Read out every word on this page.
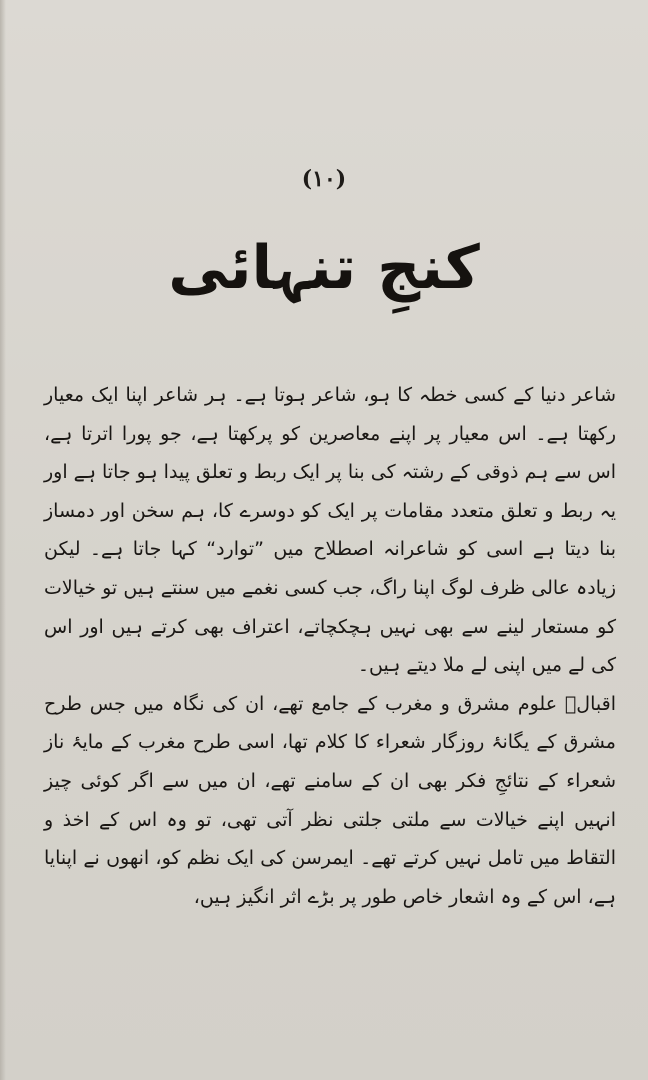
(۱۰)
کنجِ تنہائی

شاعر دنیا کے کسی خطہ کا ہو، شاعر ہوتا ہے۔ ہر شاعر اپنا ایک معیار رکھتا ہے۔ اس معیار پر اپنے معاصرین کو پرکھتا ہے، جو پورا اترتا ہے، اس سے ہم ذوقی کے رشتہ کی بنا پر ایک ربط و تعلق پیدا ہو جاتا ہے اور یہ ربط و تعلق متعدد مقامات پر ایک کو دوسرے کا، ہم سخن اور دمساز بنا دیتا ہے اسی کو شاعرانہ اصطلاح میں ”توارد“ کہا جاتا ہے۔ لیکن زیادہ عالی ظرف لوگ اپنا راگ، جب کسی نغمے میں سنتے ہیں تو خیالات کو مستعار لینے سے بھی نہیں ہچکچاتے، اعتراف بھی کرتے ہیں اور اس کی لے میں اپنی لے ملا دیتے ہیں۔

اقبالؔ علوم مشرق و مغرب کے جامع تھے، ان کی نگاہ میں جس طرح مشرق کے یگانۂ روزگار شعراء کا کلام تھا، اسی طرح مغرب کے مایۂ ناز شعراء کے نتائجِ فکر بھی ان کے سامنے تھے، ان میں سے اگر کوئی چیز انہیں اپنے خیالات سے ملتی جلتی نظر آتی تھی، تو وہ اس کے اخذ و التقاط میں تامل نہیں کرتے تھے۔ ایمرسن کی ایک نظم کو، انھوں نے اپنایا ہے، اس کے وہ اشعار خاص طور پر بڑے اثر انگیز ہیں،
